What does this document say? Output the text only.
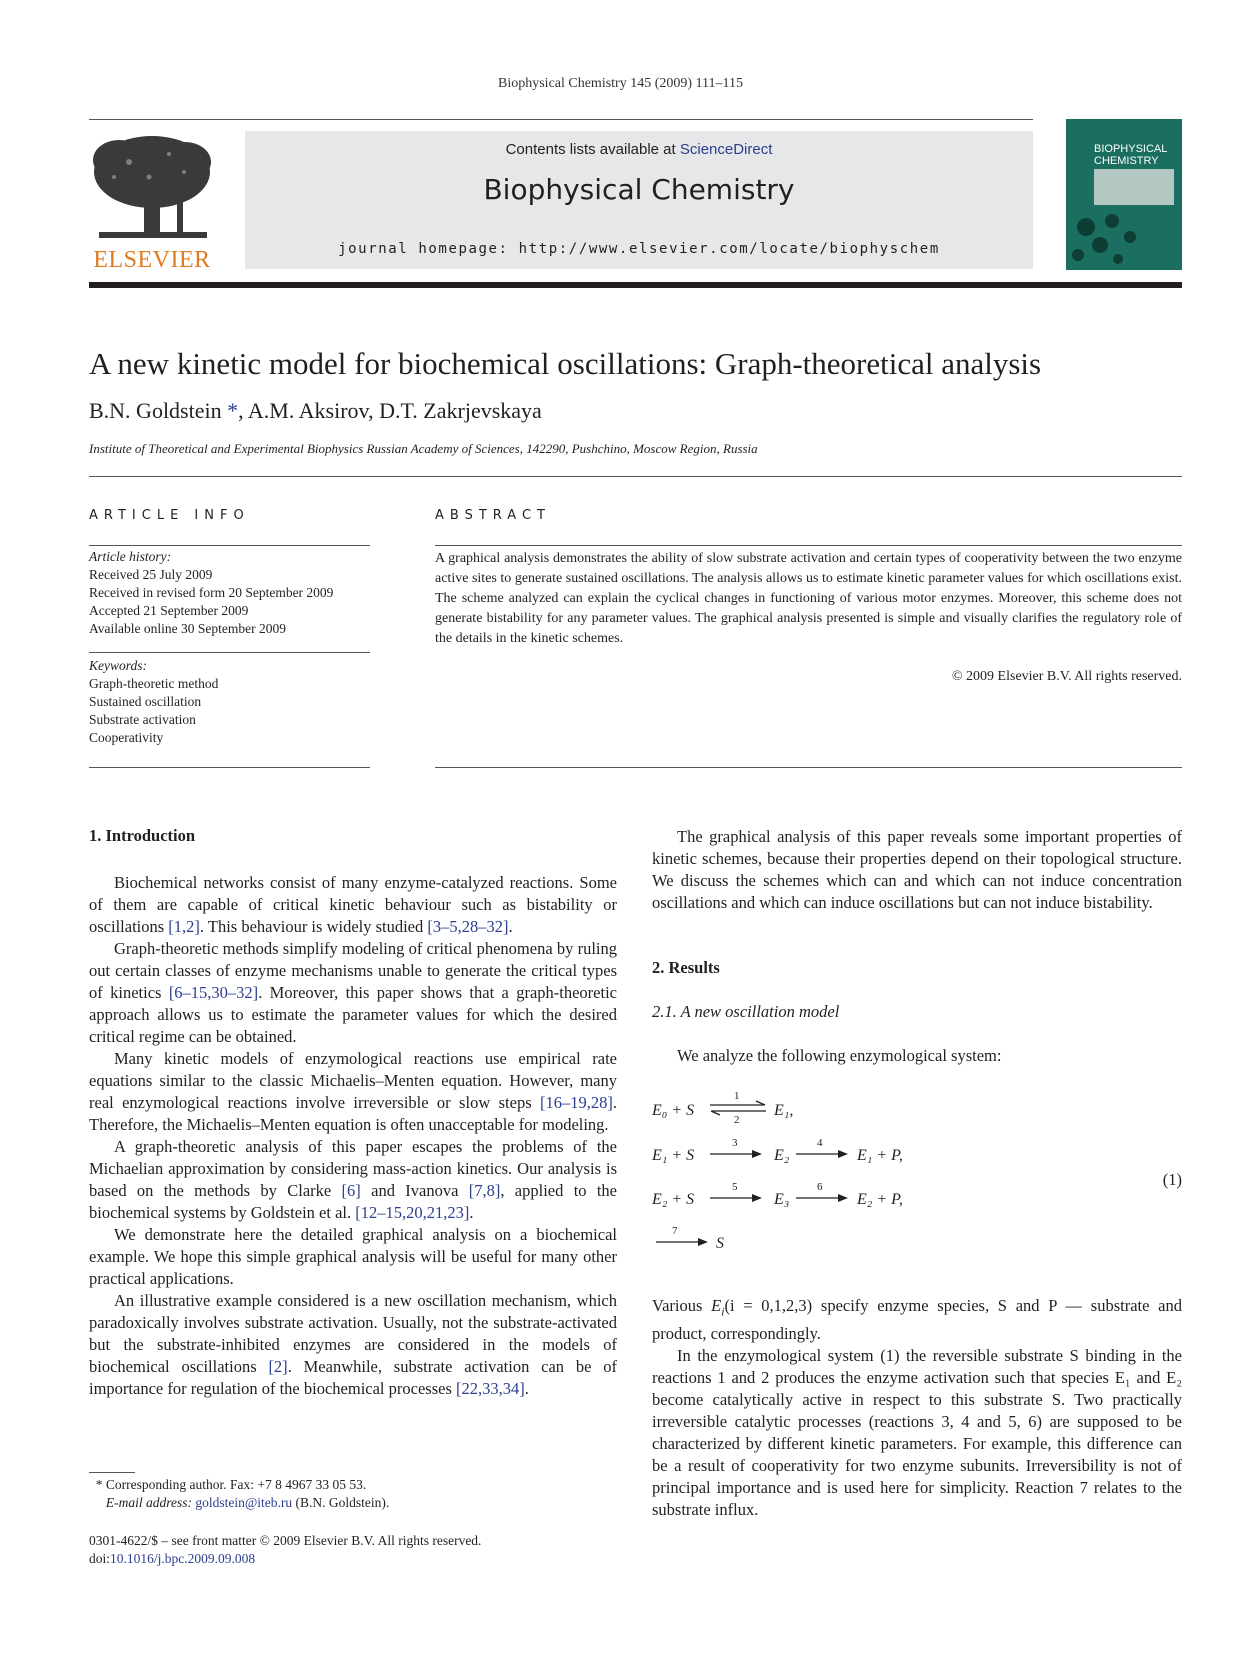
Biophysical Chemistry 145 (2009) 111–115
ELSEVIER
Contents lists available at ScienceDirect
Biophysical Chemistry
journal homepage: http://www.elsevier.com/locate/biophyschem
BIOPHYSICAL
CHEMISTRY
A new kinetic model for biochemical oscillations: Graph-theoretical analysis
B.N. Goldstein *, A.M. Aksirov, D.T. Zakrjevskaya
Institute of Theoretical and Experimental Biophysics Russian Academy of Sciences, 142290, Pushchino, Moscow Region, Russia
ARTICLE INFO	ABSTRACT
Article history:
Received 25 July 2009
Received in revised form 20 September 2009
Accepted 21 September 2009
Available online 30 September 2009
Keywords:
Graph-theoretic method
Sustained oscillation
Substrate activation
Cooperativity
A graphical analysis demonstrates the ability of slow substrate activation and certain types of cooperativity between the two enzyme active sites to generate sustained oscillations. The analysis allows us to estimate kinetic parameter values for which oscillations exist. The scheme analyzed can explain the cyclical changes in functioning of various motor enzymes. Moreover, this scheme does not generate bistability for any parameter values. The graphical analysis presented is simple and visually clarifies the regulatory role of the details in the kinetic schemes.
© 2009 Elsevier B.V. All rights reserved.
1. Introduction

Biochemical networks consist of many enzyme-catalyzed reactions. Some of them are capable of critical kinetic behaviour such as bistability or oscillations [1,2]. This behaviour is widely studied [3–5,28–32].

Graph-theoretic methods simplify modeling of critical phenomena by ruling out certain classes of enzyme mechanisms unable to generate the critical types of kinetics [6–15,30–32]. Moreover, this paper shows that a graph-theoretic approach allows us to estimate the parameter values for which the desired critical regime can be obtained.

Many kinetic models of enzymological reactions use empirical rate equations similar to the classic Michaelis–Menten equation. However, many real enzymological reactions involve irreversible or slow steps [16–19,28]. Therefore, the Michaelis–Menten equation is often unacceptable for modeling.

A graph-theoretic analysis of this paper escapes the problems of the Michaelian approximation by considering mass-action kinetics. Our analysis is based on the methods by Clarke [6] and Ivanova [7,8], applied to the biochemical systems by Goldstein et al. [12–15,20,21,23].

We demonstrate here the detailed graphical analysis on a biochemical example. We hope this simple graphical analysis will be useful for many other practical applications.

An illustrative example considered is a new oscillation mechanism, which paradoxically involves substrate activation. Usually, not the substrate-activated but the substrate-inhibited enzymes are considered in the models of biochemical oscillations [2]. Meanwhile, substrate activation can be of importance for regulation of the biochemical processes [22,33,34].

The graphical analysis of this paper reveals some important properties of kinetic schemes, because their properties depend on their topological structure. We discuss the schemes which can and which can not induce concentration oscillations and which can induce oscillations but can not induce bistability.

2. Results
2.1. A new oscillation model
We analyze the following enzymological system:
E₀ + S
1
2
E₁,
E₁ + S
3
E₂
4
E₁ + P,
E₂ + S
5
E₃
6
E₂ + P,
7
S
(1)

Various $E_i(i = 0,1,2,3)$ specify enzyme species, S and P — substrate and product, correspondingly.

In the enzymological system (1) the reversible substrate S binding in the reactions 1 and 2 produces the enzyme activation such that species E₁ and E₂ become catalytically active in respect to this substrate S. Two practically irreversible catalytic processes (reactions 3, 4 and 5, 6) are supposed to be characterized by different kinetic parameters. For example, this difference can be a result of cooperativity for two enzyme subunits. Irreversibility is not of principal importance and is used here for simplicity. Reaction 7 relates to the substrate influx.

* Corresponding author. Fax: +7 8 4967 33 05 53.
E-mail address: goldstein@iteb.ru (B.N. Goldstein).
0301-4622/$ – see front matter © 2009 Elsevier B.V. All rights reserved.
doi:10.1016/j.bpc.2009.09.008
